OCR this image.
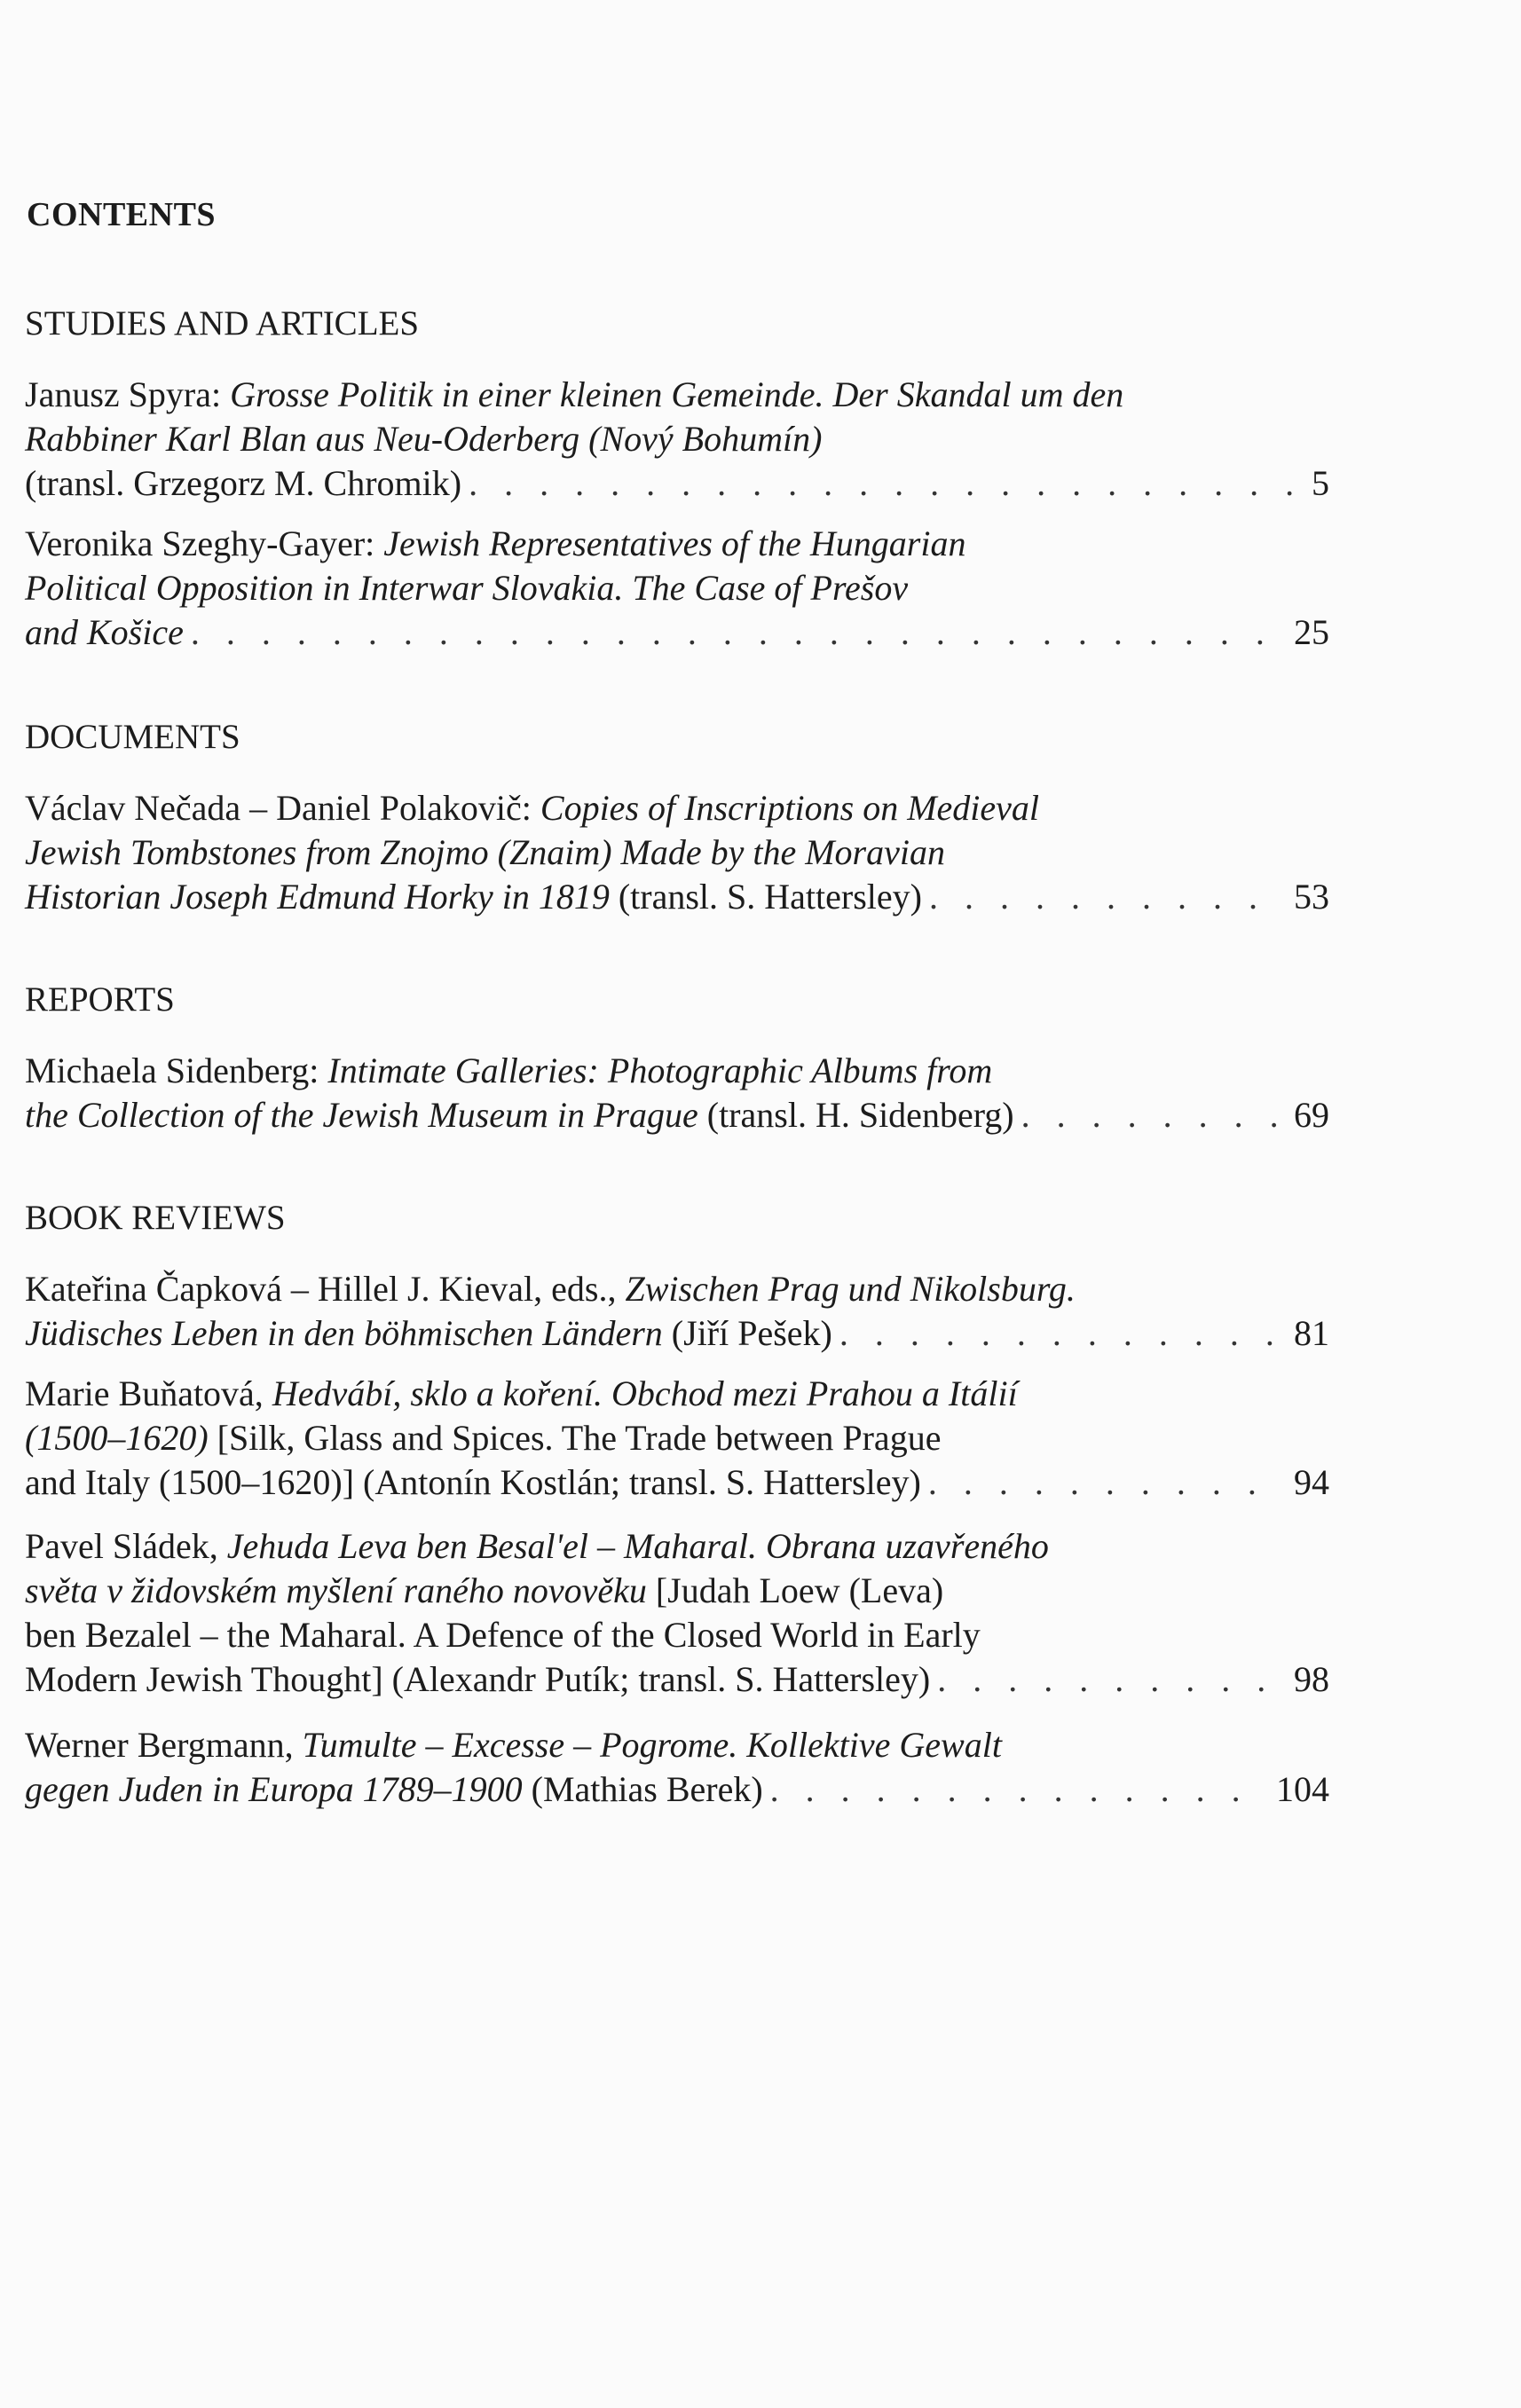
CONTENTS
STUDIES AND ARTICLES
Janusz Spyra: Grosse Politik in einer kleinen Gemeinde. Der Skandal um den
Rabbiner Karl Blan aus Neu-Oderberg (Nový Bohumín)
(transl. Grzegorz M. Chromik) . . .	5
Veronika Szeghy-Gayer: Jewish Representatives of the Hungarian
Political Opposition in Interwar Slovakia. The Case of Prešov
and Košice . . .	25
DOCUMENTS
Václav Nečada – Daniel Polakovič: Copies of Inscriptions on Medieval
Jewish Tombstones from Znojmo (Znaim) Made by the Moravian
Historian Joseph Edmund Horky in 1819 (transl. S. Hattersley) . . .	53
REPORTS
Michaela Sidenberg: Intimate Galleries: Photographic Albums from
the Collection of the Jewish Museum in Prague (transl. H. Sidenberg) . . .	69
BOOK REVIEWS
Kateřina Čapková – Hillel J. Kieval, eds., Zwischen Prag und Nikolsburg.
Jüdisches Leben in den böhmischen Ländern (Jiří Pešek) . . .	81
Marie Buňatová, Hedvábí, sklo a koření. Obchod mezi Prahou a Itálií
(1500–1620) [Silk, Glass and Spices. The Trade between Prague
and Italy (1500–1620)] (Antonín Kostlán; transl. S. Hattersley) . . .	94
Pavel Sládek, Jehuda Leva ben Besal'el – Maharal. Obrana uzavřeného
světa v židovském myšlení raného novověku [Judah Loew (Leva)
ben Bezalel – the Maharal. A Defence of the Closed World in Early
Modern Jewish Thought] (Alexandr Putík; transl. S. Hattersley) . . .	98
Werner Bergmann, Tumulte – Excesse – Pogrome. Kollektive Gewalt
gegen Juden in Europa 1789–1900 (Mathias Berek) . . .	104
